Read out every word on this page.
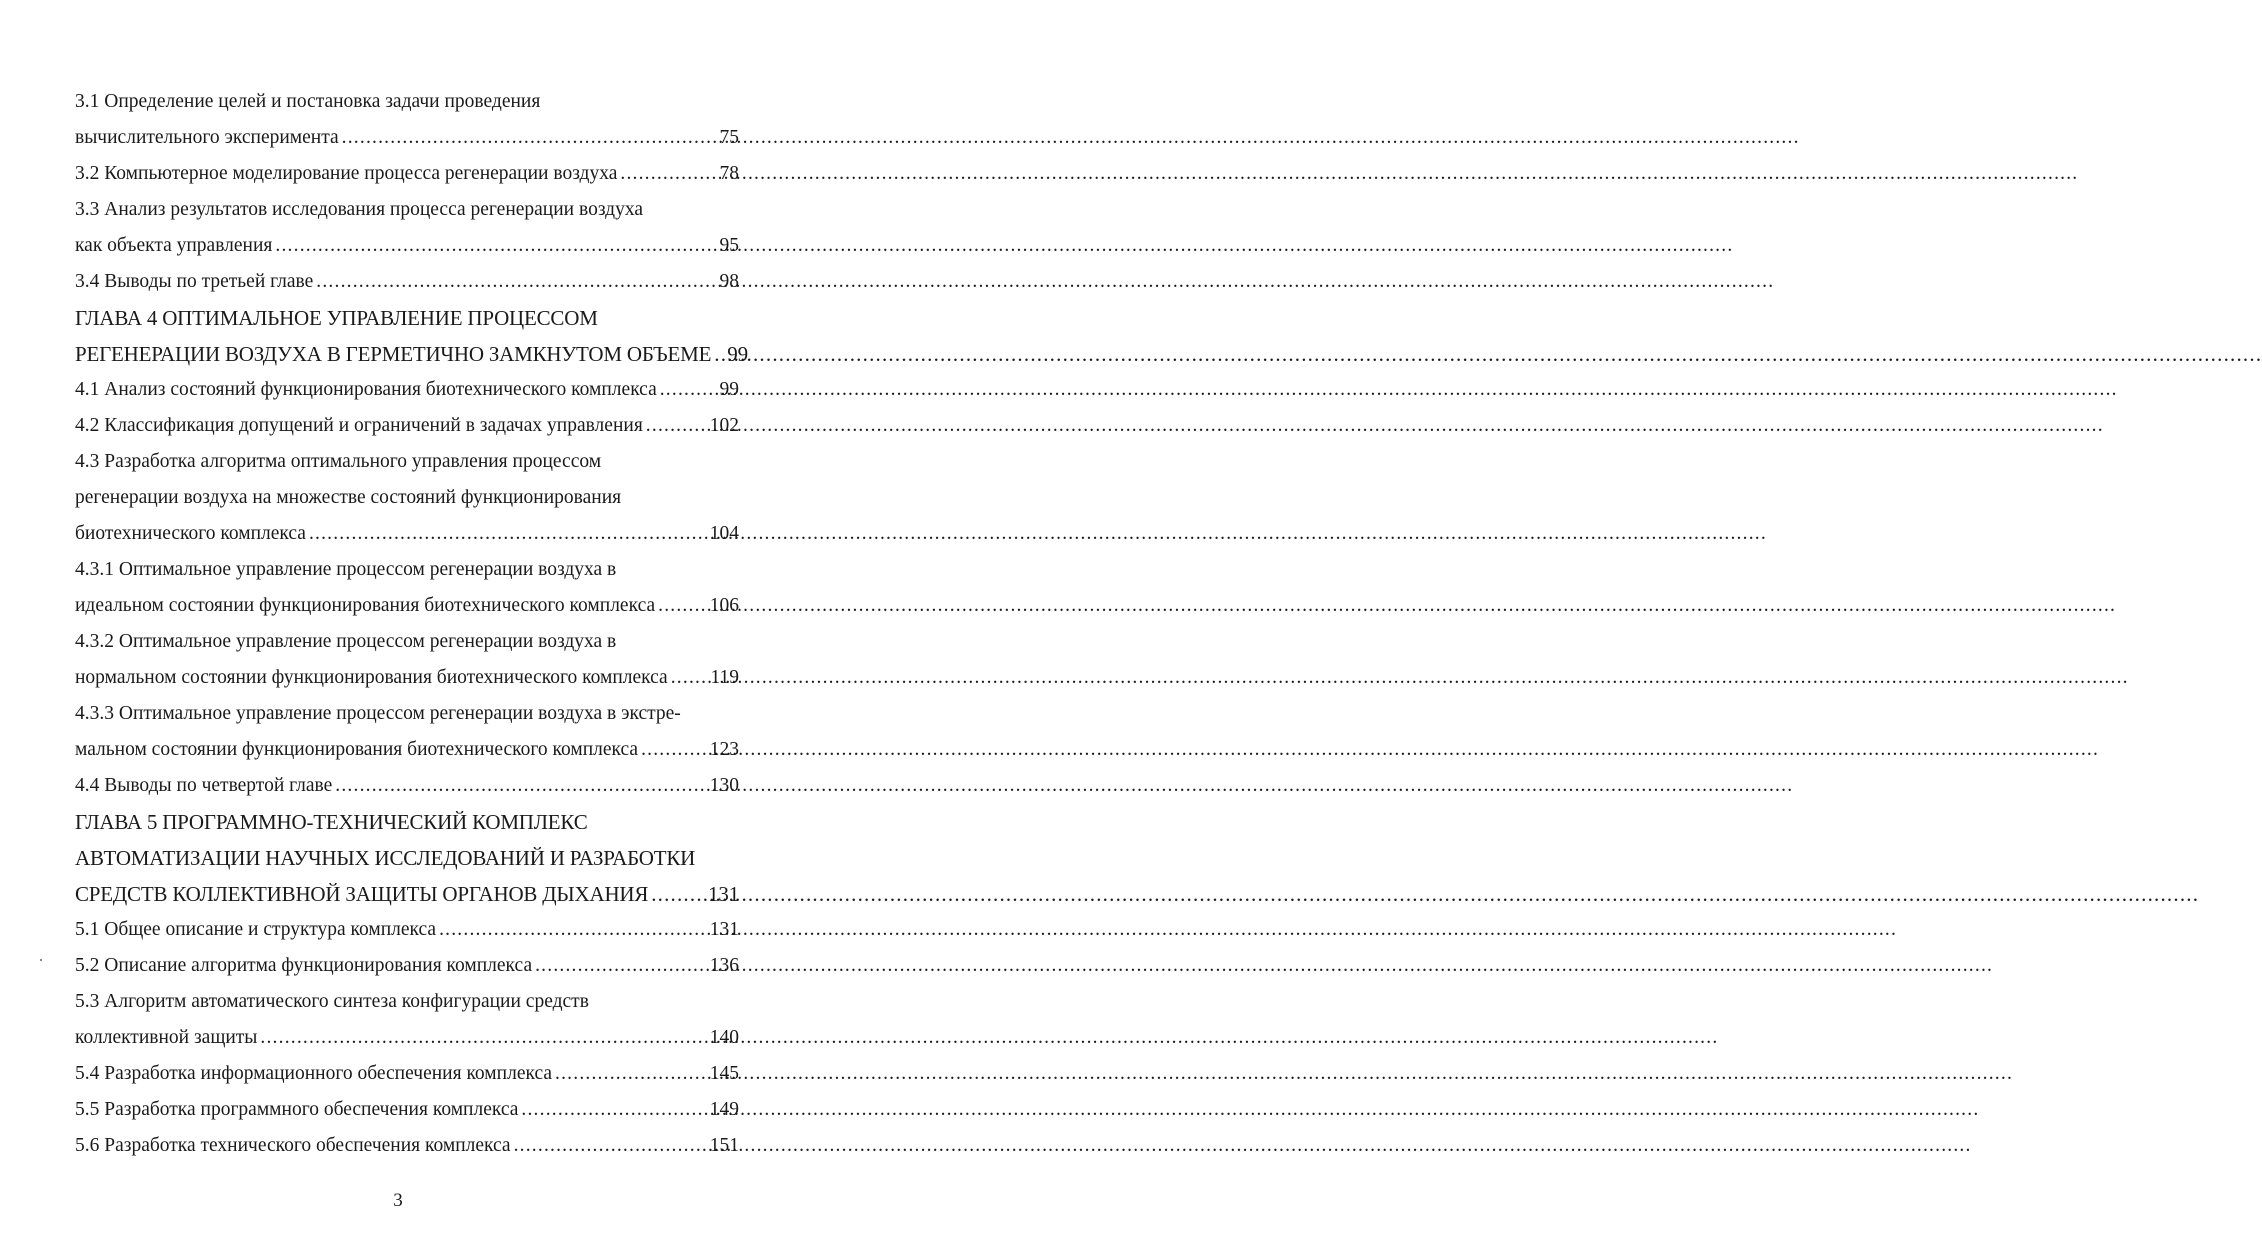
3.1 Определение целей и постановка задачи проведения
вычислительного эксперимента .....	75
3.2 Компьютерное моделирование процесса регенерации воздуха .....	78
3.3 Анализ результатов исследования процесса регенерации воздуха
как объекта управления .....	95
3.4 Выводы по третьей главе .....	98
ГЛАВА 4 ОПТИМАЛЬНОЕ УПРАВЛЕНИЕ ПРОЦЕССОМ
РЕГЕНЕРАЦИИ ВОЗДУХА В ГЕРМЕТИЧНО ЗАМКНУТОМ ОБЪЕМЕ ..... 99
4.1 Анализ состояний функционирования биотехнического комплекса .....	99
4.2 Классификация допущений и ограничений в задачах управления .....	102
4.3 Разработка алгоритма оптимального управления процессом
регенерации воздуха на множестве состояний функционирования
биотехнического комплекса .....	104
4.3.1 Оптимальное управление процессом регенерации воздуха в
идеальном состоянии функционирования биотехнического комплекса .....	106
4.3.2 Оптимальное управление процессом регенерации воздуха в
нормальном состоянии функционирования биотехнического комплекса ..... 119
4.3.3 Оптимальное управление процессом регенерации воздуха в экстре-
мальном состоянии функционирования биотехнического комплекса .....	123
4.4 Выводы по четвертой главе .....	130
ГЛАВА 5 ПРОГРАММНО-ТЕХНИЧЕСКИЙ КОМПЛЕКС
АВТОМАТИЗАЦИИ НАУЧНЫХ ИССЛЕДОВАНИЙ И РАЗРАБОТКИ
СРЕДСТВ КОЛЛЕКТИВНОЙ ЗАЩИТЫ ОРГАНОВ ДЫХАНИЯ .....	131
5.1 Общее описание и структура комплекса .....	131
5.2 Описание алгоритма функционирования комплекса .....	136
5.3 Алгоритм автоматического синтеза конфигурации средств
коллективной защиты .....	140
5.4 Разработка информационного обеспечения комплекса .....	145
5.5 Разработка программного обеспечения комплекса .....	149
5.6 Разработка технического обеспечения комплекса .....	151
3
